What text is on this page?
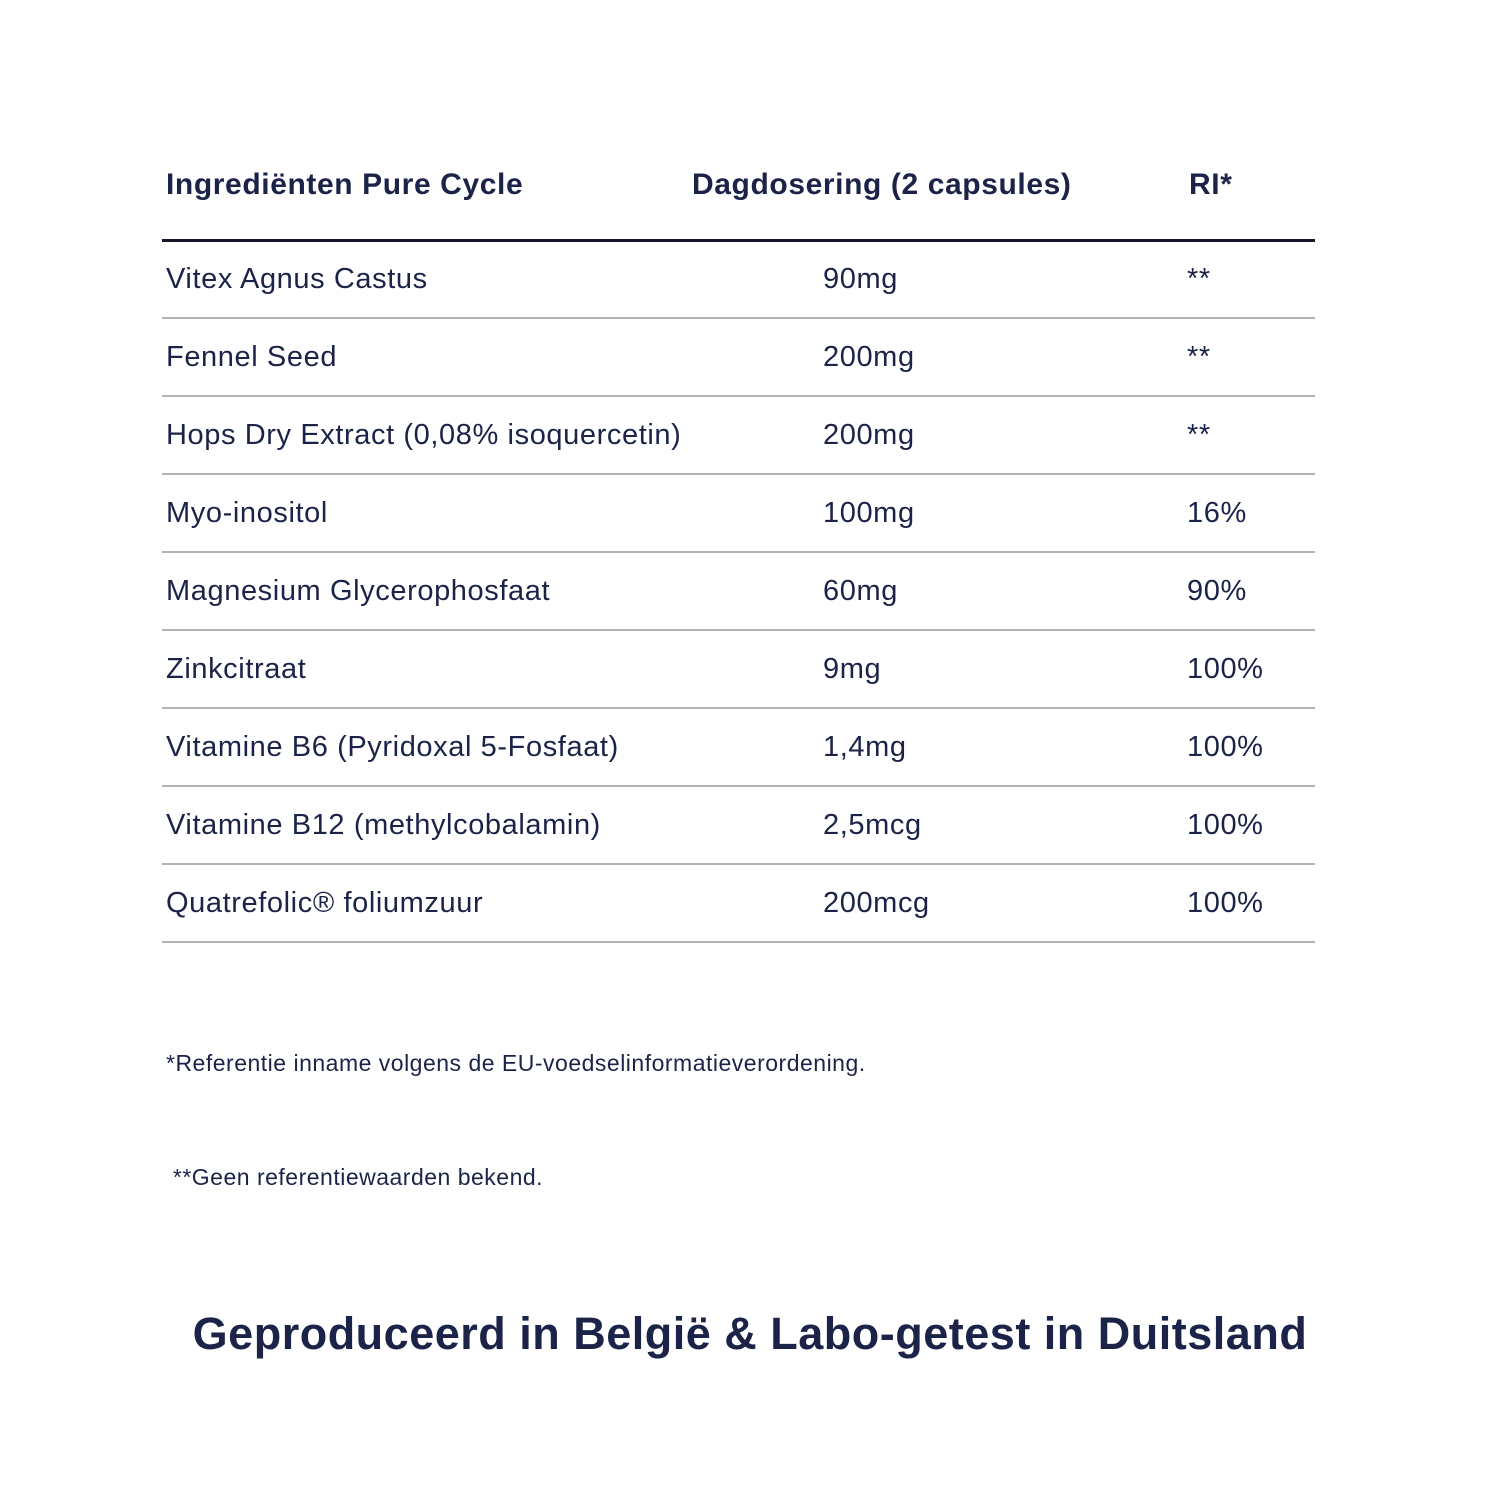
Ingrediënten Pure Cycle	Dagdosering (2 capsules)	RI*
Vitex Agnus Castus	90mg	**
Fennel Seed	200mg	**
Hops Dry Extract (0,08% isoquercetin)	200mg	**
Myo-inositol	100mg	16%
Magnesium Glycerophosfaat	60mg	90%
Zinkcitraat	9mg	100%
Vitamine B6 (Pyridoxal 5-Fosfaat)	1,4mg	100%
Vitamine B12 (methylcobalamin)	2,5mcg	100%
Quatrefolic® foliumzuur	200mcg	100%

*Referentie inname volgens de EU-voedselinformatieverordening.

**Geen referentiewaarden bekend.

Geproduceerd in België & Labo-getest in Duitsland
